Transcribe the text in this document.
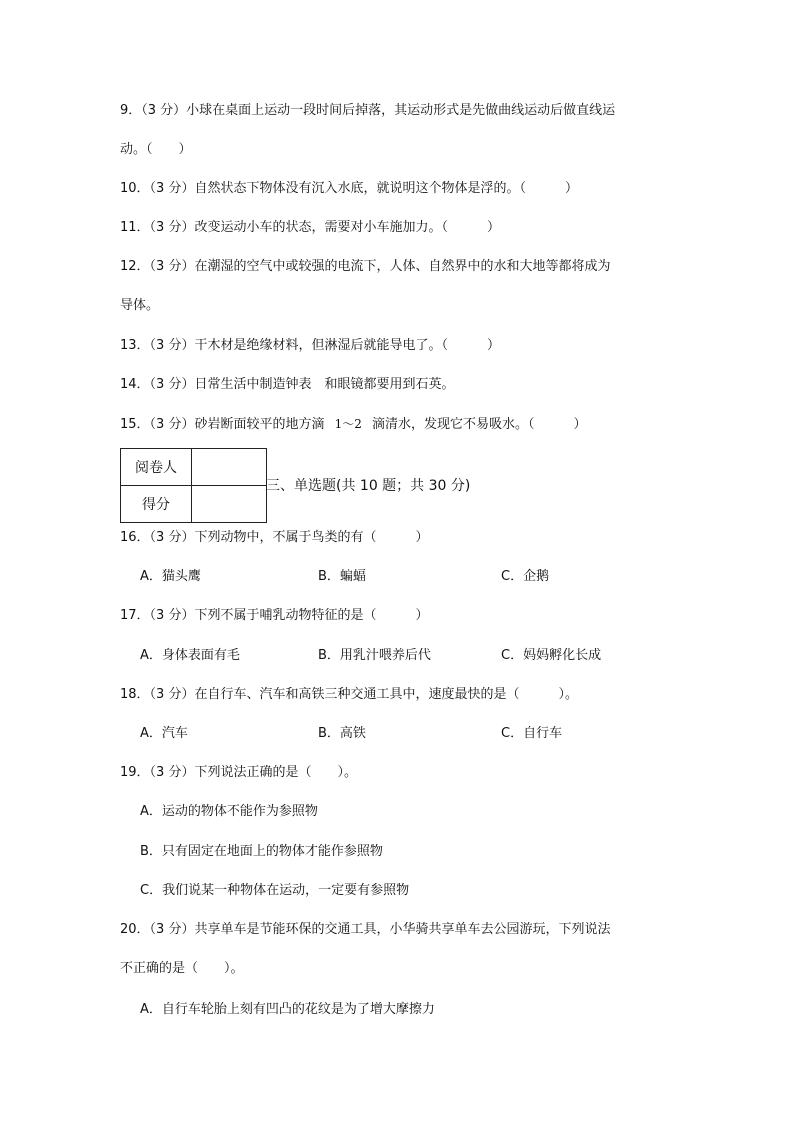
9．（3 分）小球在桌面上运动一段时间后掉落，其运动形式是先做曲线运动后做直线运
动。（　　）
10．（3 分）自然状态下物体没有沉入水底，就说明这个物体是浮的。（　　　）
11．（3 分）改变运动小车的状态，需要对小车施加力。（　　　）
12．（3 分）在潮湿的空气中或较强的电流下，人体、自然界中的水和大地等都将成为
导体。
13．（3 分）干木材是绝缘材料，但淋湿后就能导电了。（　　　）
14．（3 分）日常生活中制造钟表　和眼镜都要用到石英。
15．（3 分）砂岩断面较平的地方滴 1～2 滴清水，发现它不易吸水。（　　　）
阅卷人	
得分	
三、单选题(共 10 题；共 30 分)
16．（3 分）下列动物中，不属于鸟类的有（　　　）
A．猫头鹰	B．蝙蝠	C．企鹅
17．（3 分）下列不属于哺乳动物特征的是（　　　）
A．身体表面有毛	B．用乳汁喂养后代	C．妈妈孵化长成
18．（3 分）在自行车、汽车和高铁三种交通工具中，速度最快的是（　　　）。
A．汽车	B．高铁	C．自行车
19．（3 分）下列说法正确的是（　　）。
A．运动的物体不能作为参照物
B．只有固定在地面上的物体才能作参照物
C．我们说某一种物体在运动，一定要有参照物
20．（3 分）共享单车是节能环保的交通工具，小华骑共享单车去公园游玩，下列说法
不正确的是（　　）。
A．自行车轮胎上刻有凹凸的花纹是为了增大摩擦力
